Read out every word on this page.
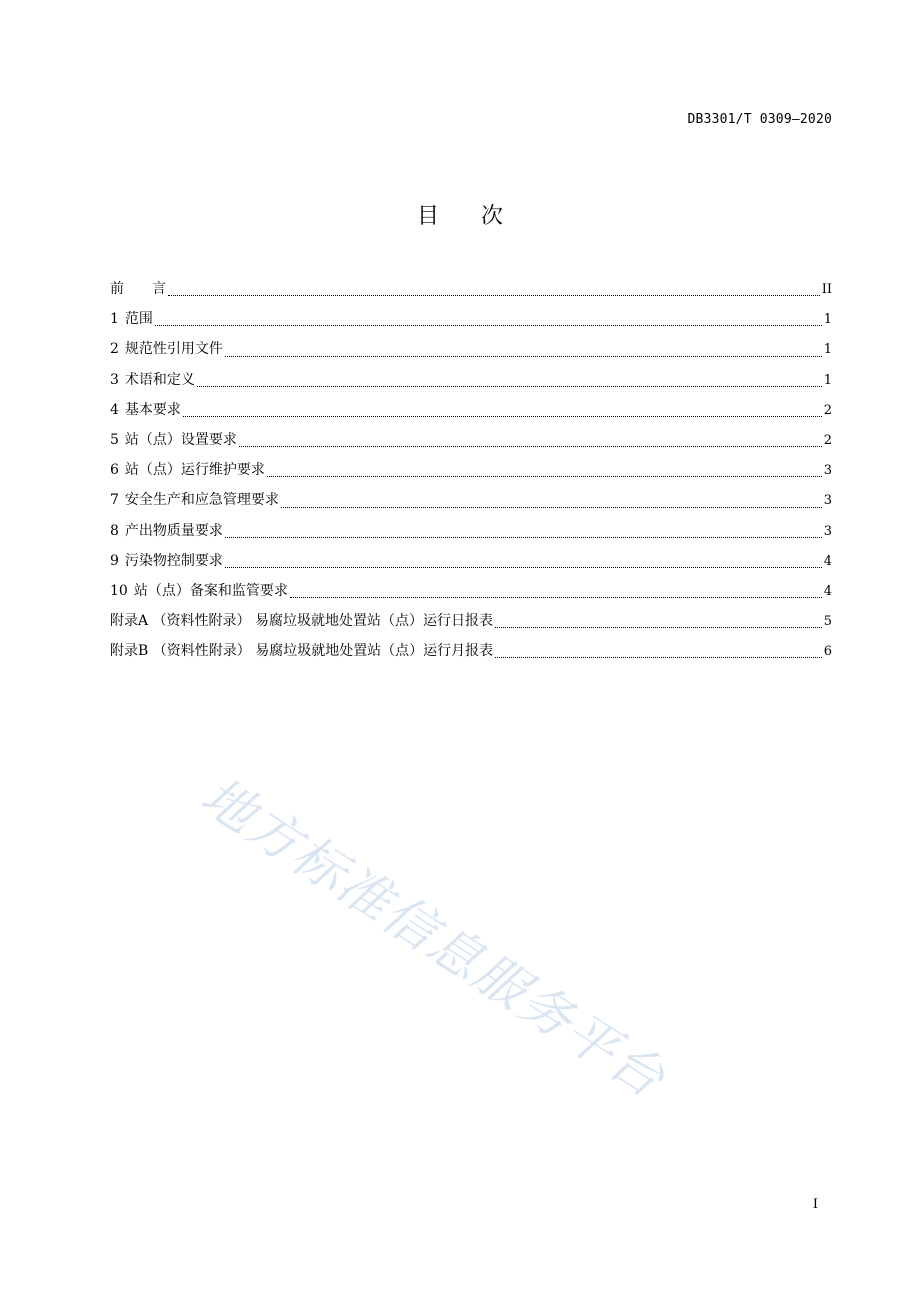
DB3301/T 0309—2020
目 次
前　　言	II
1 范围	1
2 规范性引用文件	1
3 术语和定义	1
4 基本要求	2
5 站（点）设置要求	2
6 站（点）运行维护要求	3
7 安全生产和应急管理要求	3
8 产出物质量要求	3
9 污染物控制要求	4
10 站（点）备案和监管要求	4
附录A （资料性附录） 易腐垃圾就地处置站（点）运行日报表	5
附录B （资料性附录） 易腐垃圾就地处置站（点）运行月报表	6
地方标准信息服务平台
I
